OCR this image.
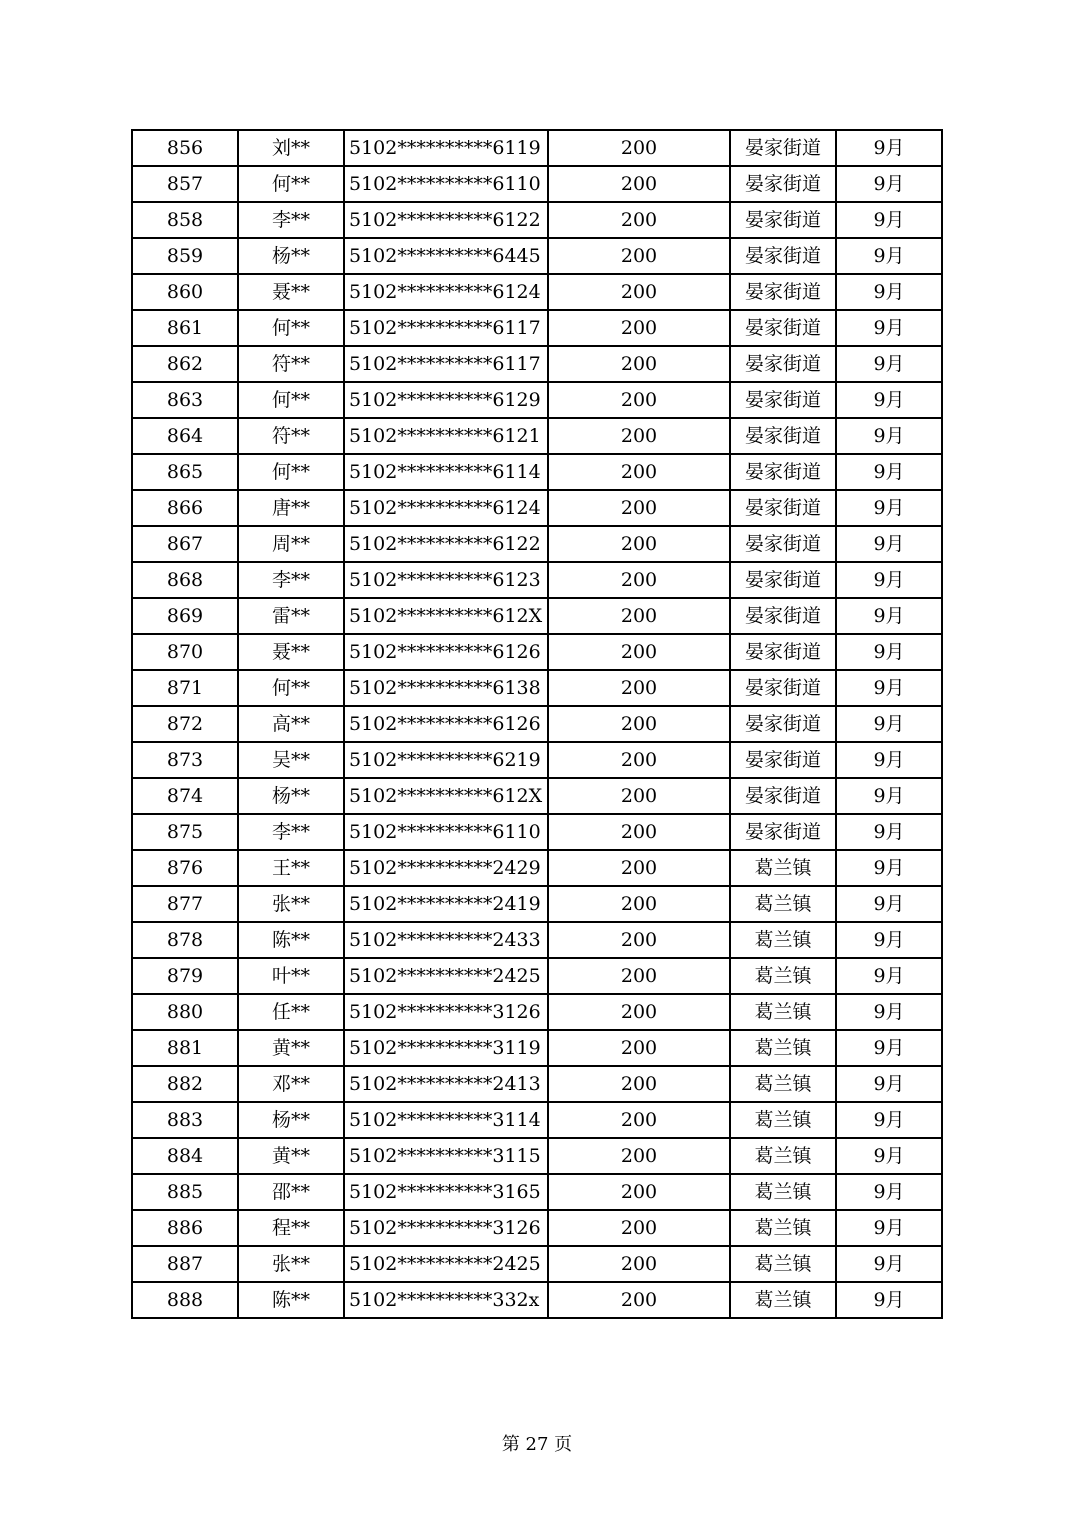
856	刘**	5102**********6119	200	晏家街道	9月
857	何**	5102**********6110	200	晏家街道	9月
858	李**	5102**********6122	200	晏家街道	9月
859	杨**	5102**********6445	200	晏家街道	9月
860	聂**	5102**********6124	200	晏家街道	9月
861	何**	5102**********6117	200	晏家街道	9月
862	符**	5102**********6117	200	晏家街道	9月
863	何**	5102**********6129	200	晏家街道	9月
864	符**	5102**********6121	200	晏家街道	9月
865	何**	5102**********6114	200	晏家街道	9月
866	唐**	5102**********6124	200	晏家街道	9月
867	周**	5102**********6122	200	晏家街道	9月
868	李**	5102**********6123	200	晏家街道	9月
869	雷**	5102**********612X	200	晏家街道	9月
870	聂**	5102**********6126	200	晏家街道	9月
871	何**	5102**********6138	200	晏家街道	9月
872	高**	5102**********6126	200	晏家街道	9月
873	吴**	5102**********6219	200	晏家街道	9月
874	杨**	5102**********612X	200	晏家街道	9月
875	李**	5102**********6110	200	晏家街道	9月
876	王**	5102**********2429	200	葛兰镇	9月
877	张**	5102**********2419	200	葛兰镇	9月
878	陈**	5102**********2433	200	葛兰镇	9月
879	叶**	5102**********2425	200	葛兰镇	9月
880	任**	5102**********3126	200	葛兰镇	9月
881	黄**	5102**********3119	200	葛兰镇	9月
882	邓**	5102**********2413	200	葛兰镇	9月
883	杨**	5102**********3114	200	葛兰镇	9月
884	黄**	5102**********3115	200	葛兰镇	9月
885	邵**	5102**********3165	200	葛兰镇	9月
886	程**	5102**********3126	200	葛兰镇	9月
887	张**	5102**********2425	200	葛兰镇	9月
888	陈**	5102**********332x	200	葛兰镇	9月
第 27 页
